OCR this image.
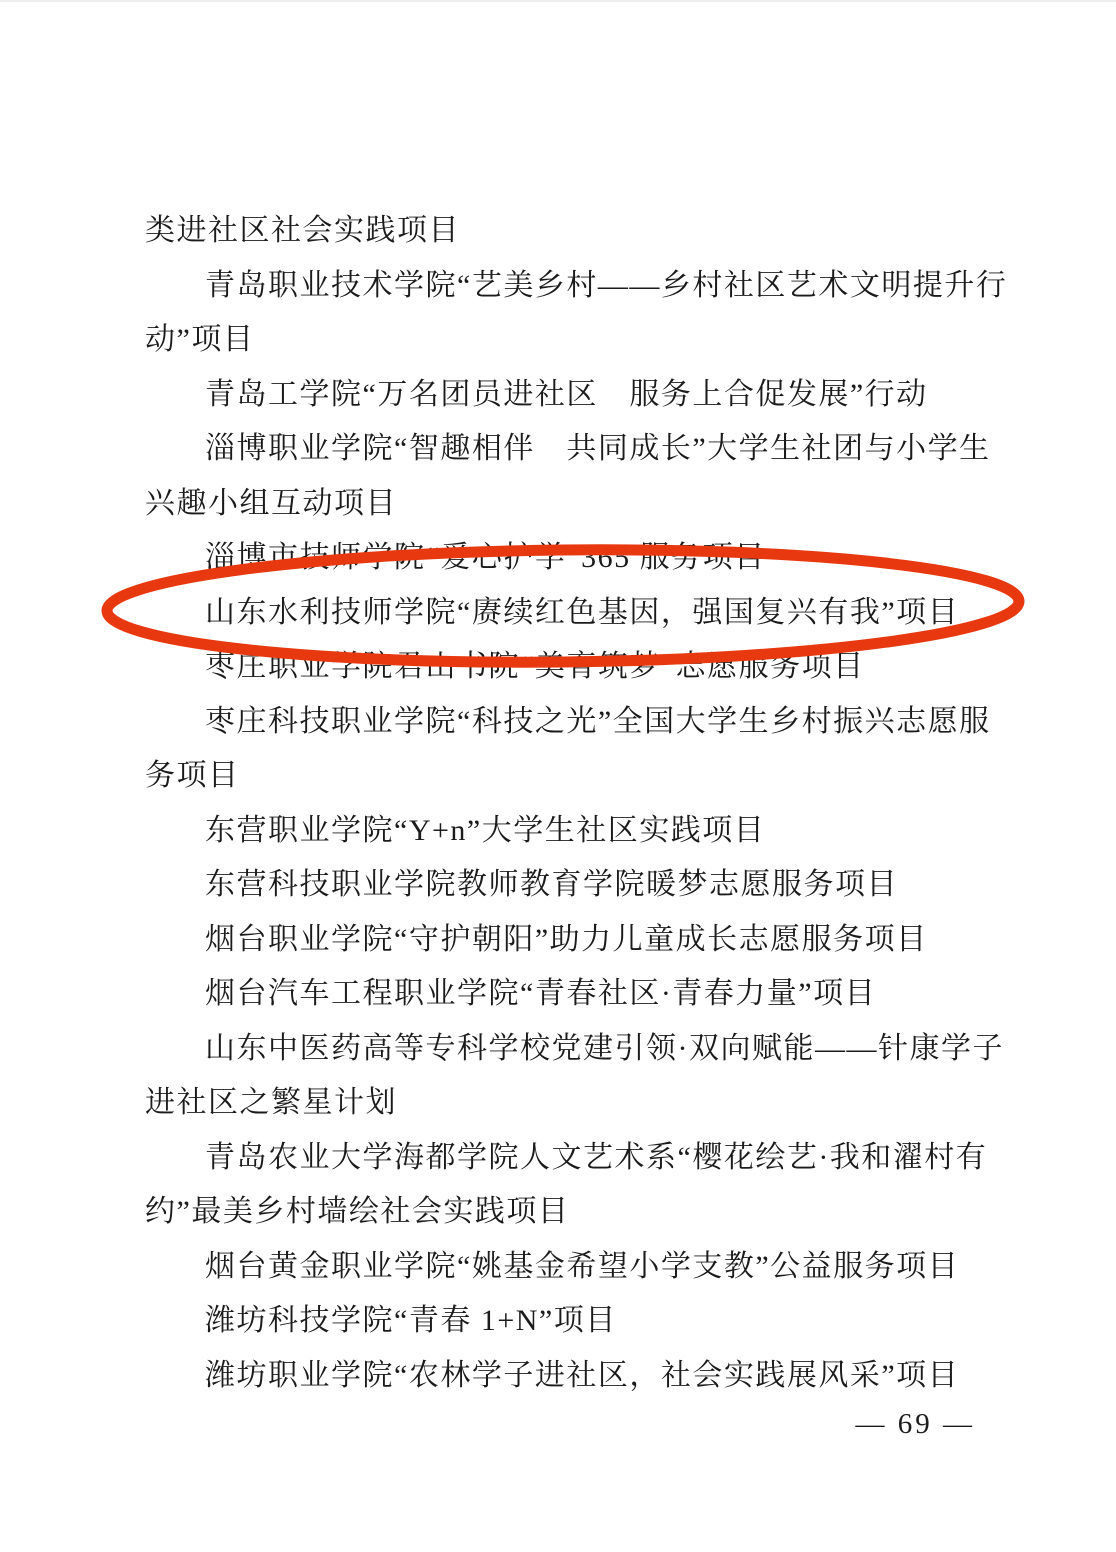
类进社区社会实践项目
青岛职业技术学院“艺美乡村——乡村社区艺术文明提升行
动”项目
青岛工学院“万名团员进社区　服务上合促发展”行动
淄博职业学院“智趣相伴　共同成长”大学生社团与小学生
兴趣小组互动项目
淄博市技师学院“爱心护学”365 服务项目
山东水利技师学院“赓续红色基因，强国复兴有我”项目
枣庄职业学院君山书院“美育筑梦”志愿服务项目
枣庄科技职业学院“科技之光”全国大学生乡村振兴志愿服
务项目
东营职业学院“Y+n”大学生社区实践项目
东营科技职业学院教师教育学院暖梦志愿服务项目
烟台职业学院“守护朝阳”助力儿童成长志愿服务项目
烟台汽车工程职业学院“青春社区·青春力量”项目
山东中医药高等专科学校党建引领·双向赋能——针康学子
进社区之繁星计划
青岛农业大学海都学院人文艺术系“樱花绘艺·我和濯村有
约”最美乡村墙绘社会实践项目
烟台黄金职业学院“姚基金希望小学支教”公益服务项目
潍坊科技学院“青春 1+N”项目
潍坊职业学院“农林学子进社区，社会实践展风采”项目
— 69 —
